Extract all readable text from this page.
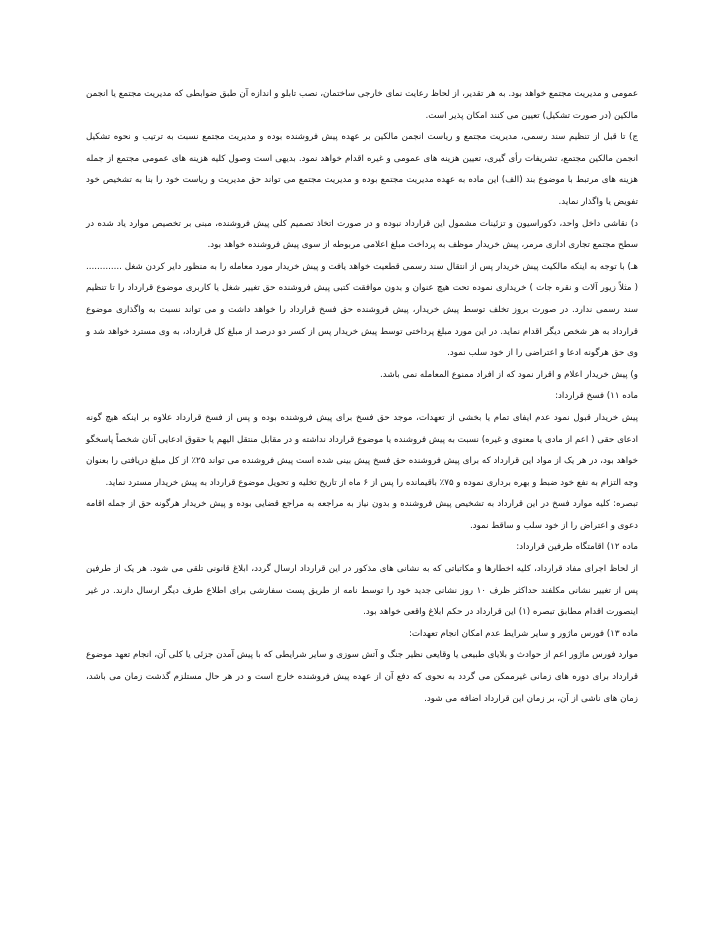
عمومی و مدیریت مجتمع خواهد بود. به هر تقدیر، از لحاظ رعایت نمای خارجی ساختمان، نصب تابلو و اندازه آن طبق ضوابطی که مدیریت مجتمع یا انجمن مالکین (در صورت تشکیل) تعیین می کنند امکان پذیر است.

ج) تا قبل از تنظیم سند رسمی، مدیریت مجتمع و ریاست انجمن مالکین بر عهده پیش فروشنده بوده و مدیریت مجتمع نسبت به ترتیب و نحوه تشکیل انجمن مالکین مجتمع، تشریفات رأی گیری، تعیین هزینه های عمومی و غیره اقدام خواهد نمود. بدیهی است وصول کلیه هزینه های عمومی مجتمع از جمله هزینه های مرتبط با موضوع بند (الف) این ماده به عهده مدیریت مجتمع بوده و مدیریت مجتمع می تواند حق مدیریت و ریاست خود را بنا به تشخیص خود تفویض یا واگذار نماید.

د) نقاشی داخل واحد، دکوراسیون و تزئینات مشمول این قرارداد نبوده و در صورت اتخاذ تصمیم کلی پیش فروشنده، مبنی بر تخصیص موارد یاد شده در سطح مجتمع تجاری اداری مرمر، پیش خریدار موظف به پرداخت مبلغ اعلامی مربوطه از سوی پیش فروشنده خواهد بود.

هـ) با توجه به اینکه مالکیت پیش خریدار پس از انتقال سند رسمی قطعیت خواهد یافت و پیش خریدار مورد معامله را به منظور دایر کردن شغل ............. ( مثلاً زیور آلات و نقره جات ) خریداری نموده تحت هیچ عنوان و بدون موافقت کتبی پیش فروشنده حق تغییر شغل یا کاربری موضوع قرارداد را تا تنظیم سند رسمی ندارد. در صورت بروز تخلف توسط پیش خریدار، پیش فروشنده حق فسخ قرارداد را خواهد داشت و می تواند نسبت به واگذاری موضوع قرارداد به هر شخص دیگر اقدام نماید. در این مورد مبلغ پرداختی توسط پیش خریدار پس از کسر دو درصد از مبلغ کل قرارداد، به وی مسترد خواهد شد و وی حق هرگونه ادعا و اعتراضی را از خود سلب نمود.

و) پیش خریدار اعلام و اقرار نمود که از افراد ممنوع المعامله نمی باشد.

ماده ۱۱) فسخ قرارداد:

پیش خریدار قبول نمود عدم ایفای تمام یا بخشی از تعهدات، موجد حق فسخ برای پیش فروشنده بوده و پس از فسخ قرارداد علاوه بر اینکه هیچ گونه ادعای حقی ( اعم از مادی یا معنوی و غیره) نسبت به پیش فروشنده یا موضوع قرارداد نداشته و در مقابل منتقل الیهم یا حقوق ادعایی آنان شخصاً پاسخگو خواهد بود، در هر یک از مواد این قرارداد که برای پیش فروشنده حق فسخ پیش بینی شده است پیش فروشنده می تواند ۲۵٪ از کل مبلغ دریافتی را بعنوان وجه التزام به نفع خود ضبط و بهره برداری نموده و ۷۵٪ باقیمانده را پس از ۶ ماه از تاریخ تخلیه و تحویل موضوع قرارداد به پیش خریدار مسترد نماید.

تبصره: کلیه موارد فسخ در این قرارداد به تشخیص پیش فروشنده و بدون نیاز به مراجعه به مراجع قضایی بوده و پیش خریدار هرگونه حق از جمله اقامه دعوی و اعتراض را از خود سلب و ساقط نمود.

ماده ۱۲) اقامتگاه طرفین قرارداد:

از لحاظ اجرای مفاد قرارداد، کلیه اخطارها و مکاتباتی که به نشانی های مذکور در این قرارداد ارسال گردد، ابلاغ قانونی تلقی می شود. هر یک از طرفین پس از تغییر نشانی مکلفند حداکثر ظرف ۱۰ روز نشانی جدید خود را توسط نامه از طریق پست سفارشی برای اطلاع طرف دیگر ارسال دارند. در غیر اینصورت اقدام مطابق تبصره (۱) این قرارداد در حکم ابلاغ واقعی خواهد بود.

ماده ۱۳) فورس ماژور و سایر شرایط عدم امکان انجام تعهدات:

موارد فورس ماژور اعم از حوادث و بلایای طبیعی یا وقایعی نظیر جنگ و آتش سوزی و سایر شرایطی که با پیش آمدن جزئی یا کلی آن، انجام تعهد موضوع قرارداد برای دوره های زمانی غیرممکن می گردد به نحوی که دفع آن از عهده پیش فروشنده خارج است و در هر حال مستلزم گذشت زمان می باشد، زمان های ناشی از آن، بر زمان این قرارداد اضافه می شود.
